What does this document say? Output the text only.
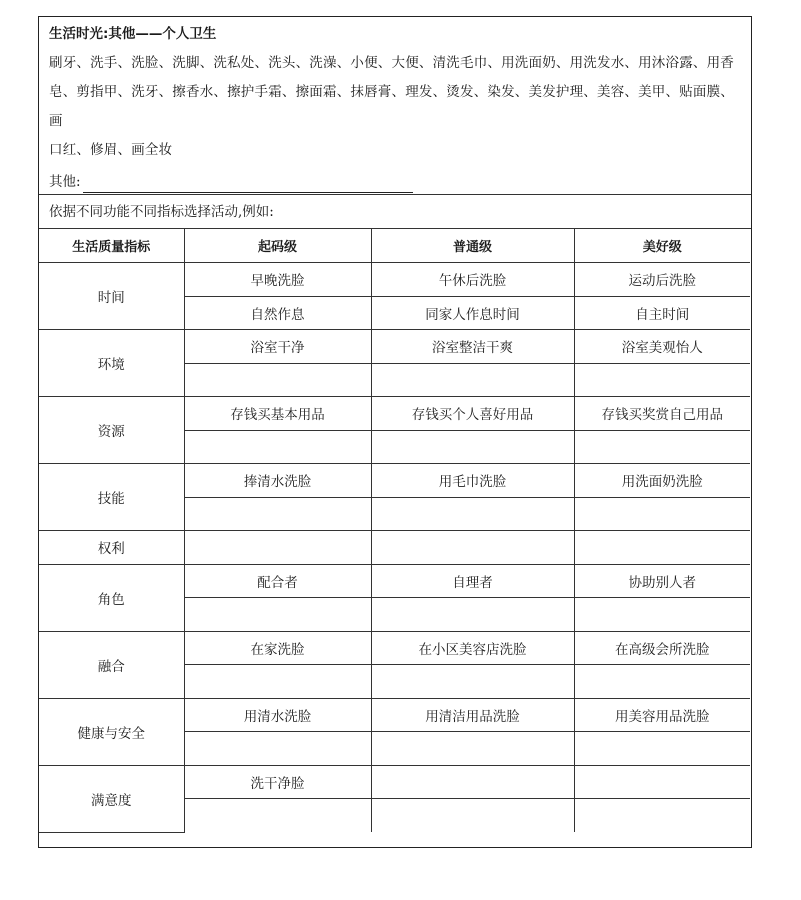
生活时光:其他——个人卫生

刷牙、洗手、洗脸、洗脚、洗私处、洗头、洗澡、小便、大便、清洗毛巾、用洗面奶、用洗发水、用沐浴露、用香

皂、剪指甲、洗牙、擦香水、擦护手霜、擦面霜、抹唇膏、理发、烫发、染发、美发护理、美容、美甲、贴面膜、画

口红、修眉、画全妆

其他:
依据不同功能不同指标选择活动,例如:
生活质量指标	起码级	普通级	美好级
时间	早晚洗脸	午休后洗脸	运动后洗脸
	自然作息	同家人作息时间	自主时间
环境	浴室干净	浴室整洁干爽	浴室美观怡人

资源	存钱买基本用品	存钱买个人喜好用品	存钱买奖赏自己用品

技能	捧清水洗脸	用毛巾洗脸	用洗面奶洗脸

权利			
角色	配合者	自理者	协助别人者

融合	在家洗脸	在小区美容店洗脸	在高级会所洗脸

健康与安全	用清水洗脸	用清洁用品洗脸	用美容用品洗脸

满意度	洗干净脸		
